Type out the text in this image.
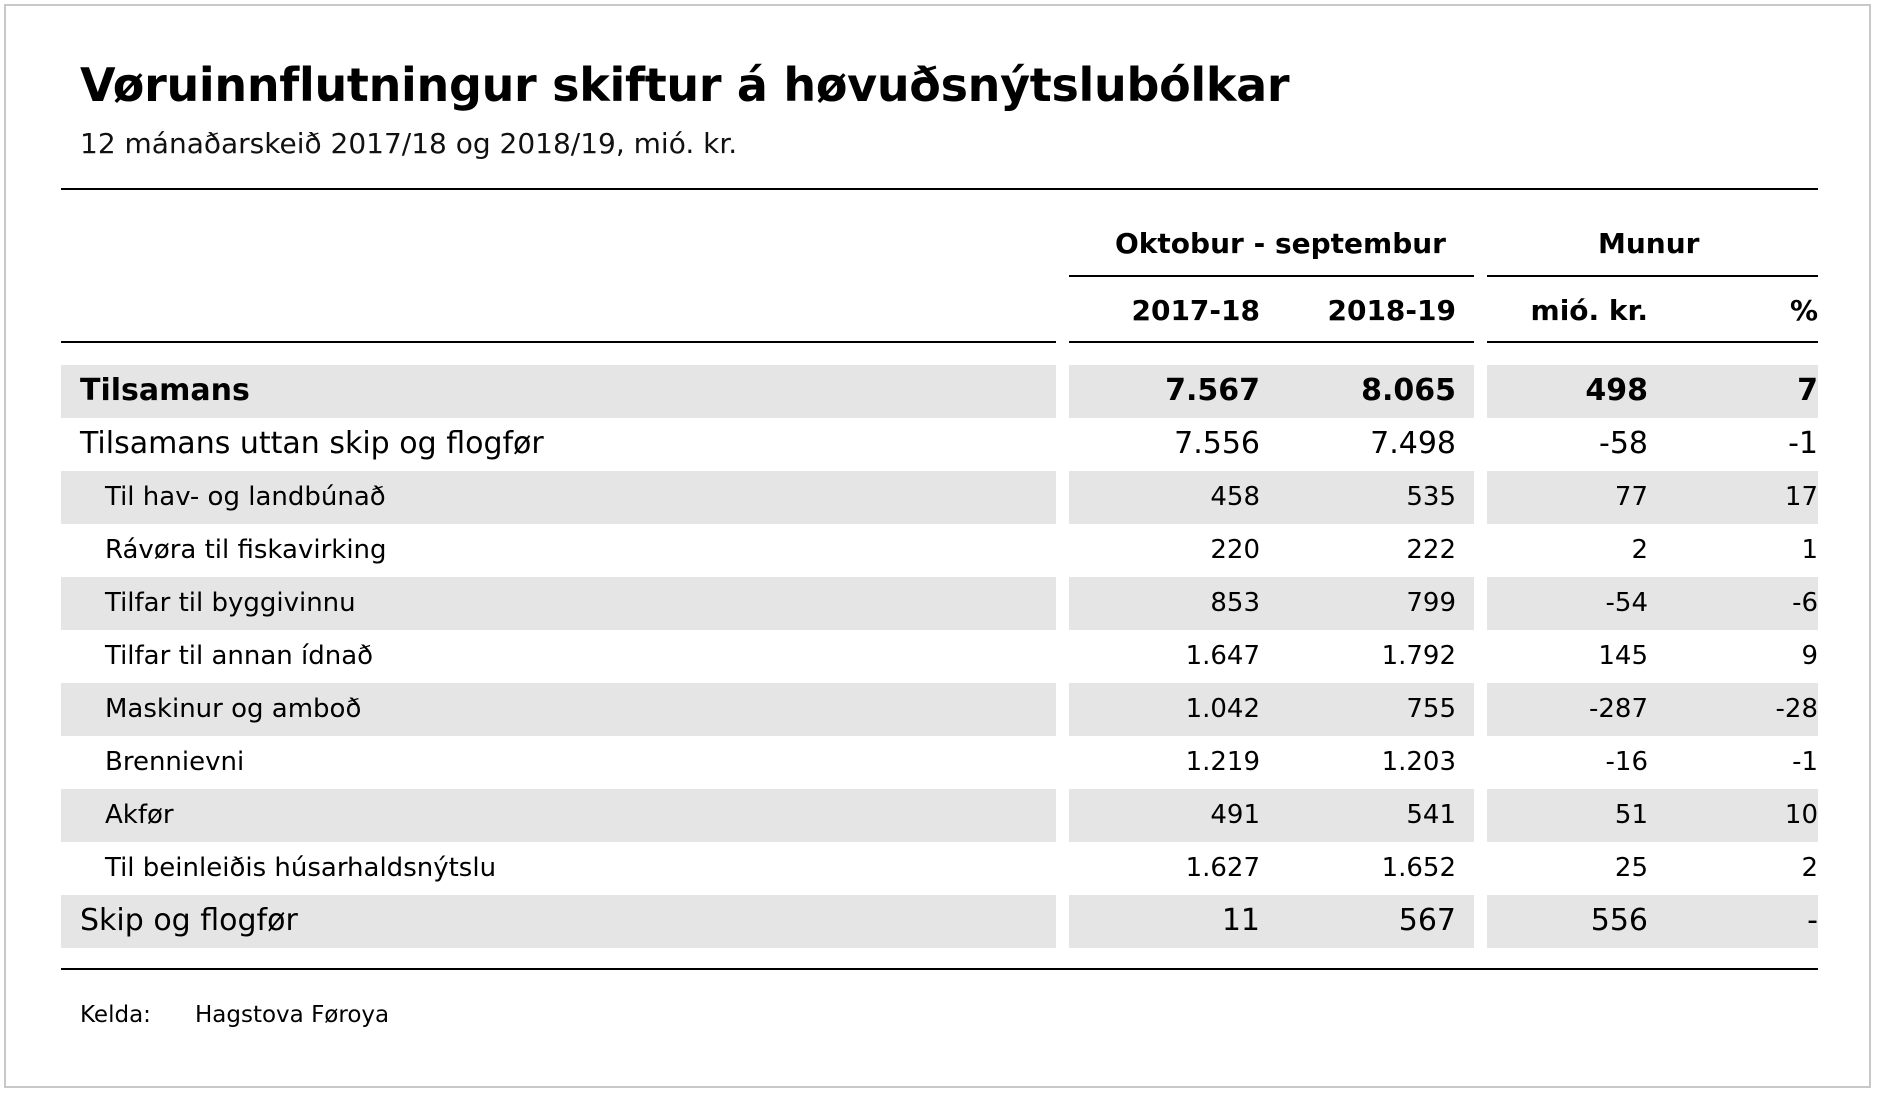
Vøruinnflutningur skiftur á høvuðsnýtslubólkar
12 mánaðarskeið 2017/18 og 2018/19, mió. kr.
Oktobur - septembur	Munur
2017-18 2018-19	mió. kr.	%
Tilsamans	7.567	8.065	498	7
Tilsamans uttan skip og flogfør	7.556	7.498	-58	-1
Til hav- og landbúnað	458	535	77	17
Rávøra til fiskavirking	220	222	2	1
Tilfar til byggivinnu	853	799	-54	-6
Tilfar til annan ídnað	1.647	1.792	145	9
Maskinur og amboð	1.042	755	-287	-28
Brennievni	1.219	1.203	-16	-1
Akfør	491	541	51	10
Til beinleiðis húsarhaldsnýtslu	1.627	1.652	25	2
Skip og flogfør	11	567	556	-
Kelda: Hagstova Føroya
